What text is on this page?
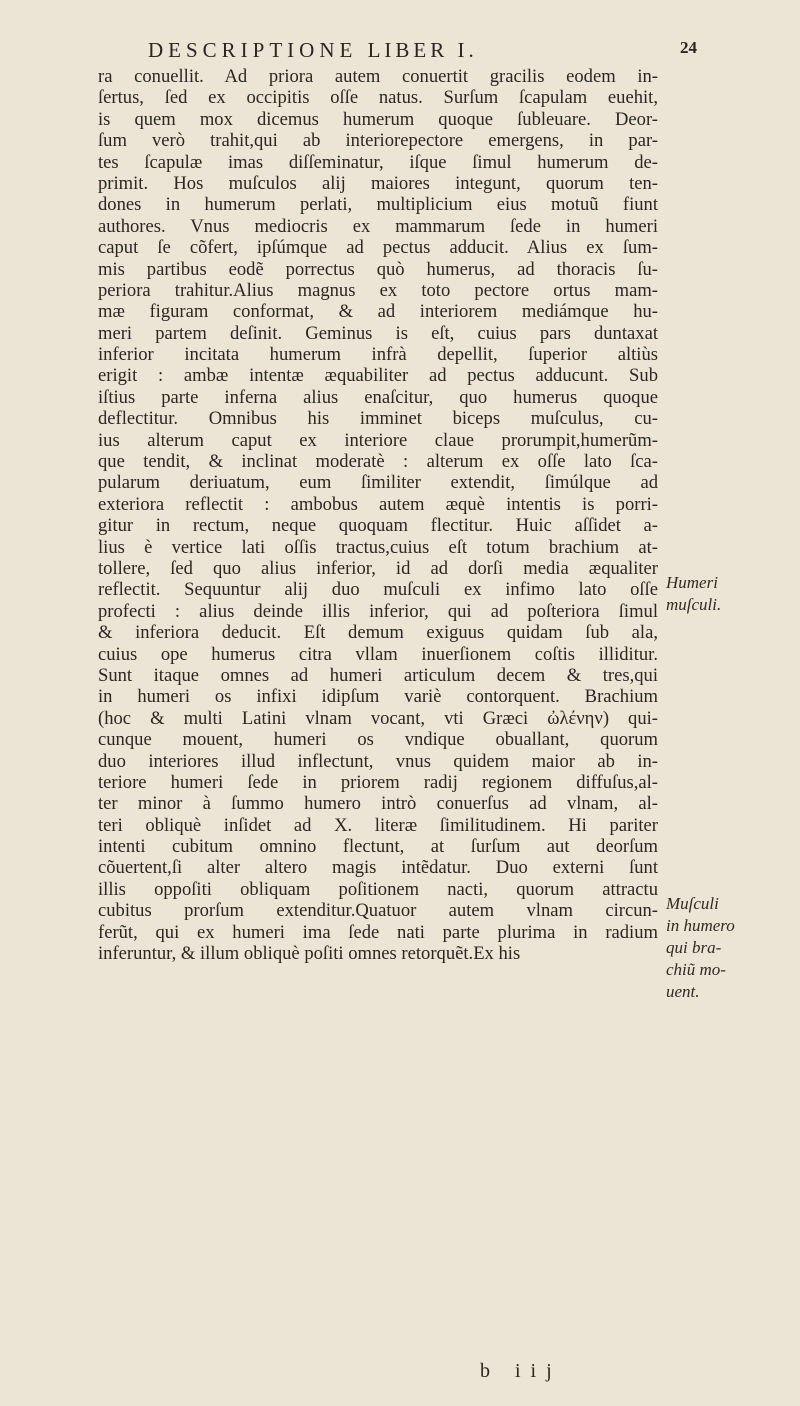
DESCRIPTIONE LIBER I.	24
ra conuellit. Ad priora autem conuertit gracilis eodem in-
ſertus, ſed ex occipitis oſſe natus. Surſum ſcapulam euehit,
is quem mox dicemus humerum quoque ſubleuare. Deor-
ſum verò trahit,qui ab interiorepectore emergens, in par-
tes ſcapulæ imas diſſeminatur, iſque ſimul humerum de-
primit. Hos muſculos alij maiores integunt, quorum ten-
dones in humerum perlati, multiplicium eius motuũ fiunt
authores. Vnus mediocris ex mammarum ſede in humeri
caput ſe cõfert, ipſúmque ad pectus adducit. Alius ex ſum-
mis partibus eodẽ porrectus quò humerus, ad thoracis ſu-
periora trahitur.Alius magnus ex toto pectore ortus mam-
mæ figuram conformat, & ad interiorem mediámque hu-
meri partem deſinit. Geminus is eſt, cuius pars duntaxat
inferior incitata humerum infrà depellit, ſuperior altiùs
erigit : ambæ intentæ æquabiliter ad pectus adducunt. Sub
iſtius parte inferna alius enaſcitur, quo humerus quoque
deflectitur. Omnibus his imminet biceps muſculus, cu-
ius alterum caput ex interiore claue prorumpit,humerũm-
que tendit, & inclinat moderatè : alterum ex oſſe lato ſca-
pularum deriuatum, eum ſimiliter extendit, ſimúlque ad
exteriora reflectit : ambobus autem æquè intentis is porri-
gitur in rectum, neque quoquam flectitur. Huic aſſidet a-
lius è vertice lati oſſis tractus,cuius eſt totum brachium at-
tollere, ſed quo alius inferior, id ad dorſi media æqualiter
reflectit. Sequuntur alij duo muſculi ex infimo lato oſſe
profecti : alius deinde illis inferior, qui ad poſteriora ſimul
& inferiora deducit. Eſt demum exiguus quidam ſub ala,
cuius ope humerus citra vllam inuerſionem coſtis illiditur.
Sunt itaque omnes ad humeri articulum decem & tres,qui
in humeri os infixi idipſum variè contorquent. Brachium
(hoc & multi Latini vlnam vocant, vti Græci ὠλένην) qui-
cunque mouent, humeri os vndique obuallant, quorum
duo interiores illud inflectunt, vnus quidem maior ab in-
teriore humeri ſede in priorem radij regionem diffuſus,al-
ter minor à ſummo humero intrò conuerſus ad vlnam, al-
teri obliquè inſidet ad X. literæ ſimilitudinem. Hi pariter
intenti cubitum omnino flectunt, at ſurſum aut deorſum
cõuertent,ſi alter altero magis intẽdatur. Duo externi ſunt
illis oppoſiti obliquam poſitionem nacti, quorum attractu
cubitus prorſum extenditur.Quatuor autem vlnam circun-
ferũt, qui ex humeri ima ſede nati parte plurima in radium
inferuntur, & illum obliquè poſiti omnes retorquẽt.Ex his
Humeri
muſculi.
Muſculi
in humero
qui bra-
chiũ mo-
uent.
b iij
